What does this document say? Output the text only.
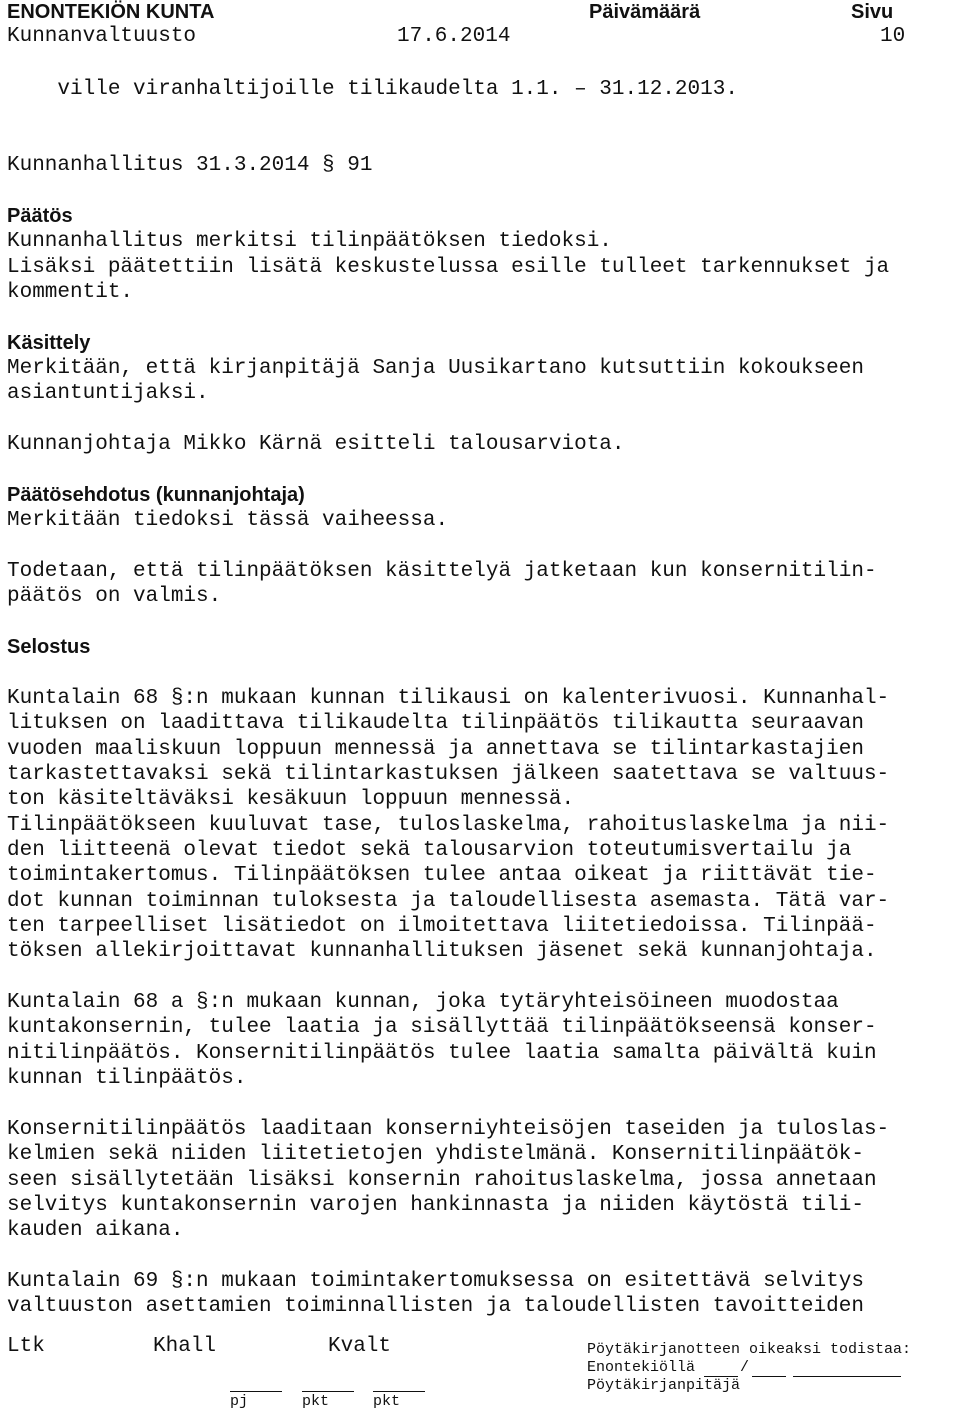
ENONTEKIÖN KUNTA	Päivämäärä	Sivu
Kunnanvaltuusto	17.6.2014	10
ville viranhaltijoille tilikaudelta 1.1. – 31.12.2013.
Kunnanhallitus 31.3.2014 § 91
Päätös
Kunnanhallitus merkitsi tilinpäätöksen tiedoksi.
Lisäksi päätettiin lisätä keskustelussa esille tulleet tarkennukset ja
kommentit.
Käsittely
Merkitään, että kirjanpitäjä Sanja Uusikartano kutsuttiin kokoukseen
asiantuntijaksi.
Kunnanjohtaja Mikko Kärnä esitteli talousarviota.
Päätösehdotus (kunnanjohtaja)
Merkitään tiedoksi tässä vaiheessa.
Todetaan, että tilinpäätöksen käsittelyä jatketaan kun konsernitilin-
päätös on valmis.
Selostus
Kuntalain 68 §:n mukaan kunnan tilikausi on kalenterivuosi. Kunnanhal-
lituksen on laadittava tilikaudelta tilinpäätös tilikautta seuraavan
vuoden maaliskuun loppuun mennessä ja annettava se tilintarkastajien
tarkastettavaksi sekä tilintarkastuksen jälkeen saatettava se valtuus-
ton käsiteltäväksi kesäkuun loppuun mennessä.
Tilinpäätökseen kuuluvat tase, tuloslaskelma, rahoituslaskelma ja nii-
den liitteenä olevat tiedot sekä talousarvion toteutumisvertailu ja
toimintakertomus. Tilinpäätöksen tulee antaa oikeat ja riittävät tie-
dot kunnan toiminnan tuloksesta ja taloudellisesta asemasta. Tätä var-
ten tarpeelliset lisätiedot on ilmoitettava liitetiedoissa. Tilinpää-
töksen allekirjoittavat kunnanhallituksen jäsenet sekä kunnanjohtaja.
Kuntalain 68 a §:n mukaan kunnan, joka tytäryhteisöineen muodostaa
kuntakonsernin, tulee laatia ja sisällyttää tilinpäätökseensä konser-
nitilinpäätös. Konsernitilinpäätös tulee laatia samalta päivältä kuin
kunnan tilinpäätös.
Konsernitilinpäätös laaditaan konserniyhteisöjen taseiden ja tuloslas-
kelmien sekä niiden liitetietojen yhdistelmänä. Konsernitilinpäätök-
seen sisällytetään lisäksi konsernin rahoituslaskelma, jossa annetaan
selvitys kuntakonsernin varojen hankinnasta ja niiden käytöstä tili-
kauden aikana.
Kuntalain 69 §:n mukaan toimintakertomuksessa on esitettävä selvitys
valtuuston asettamien toiminnallisten ja taloudellisten tavoitteiden
Ltk	Khall	Kvalt
pj	pkt	pkt
Pöytäkirjanotteen oikeaksi todistaa:
Enontekiöllä	/
Pöytäkirjanpitäjä
